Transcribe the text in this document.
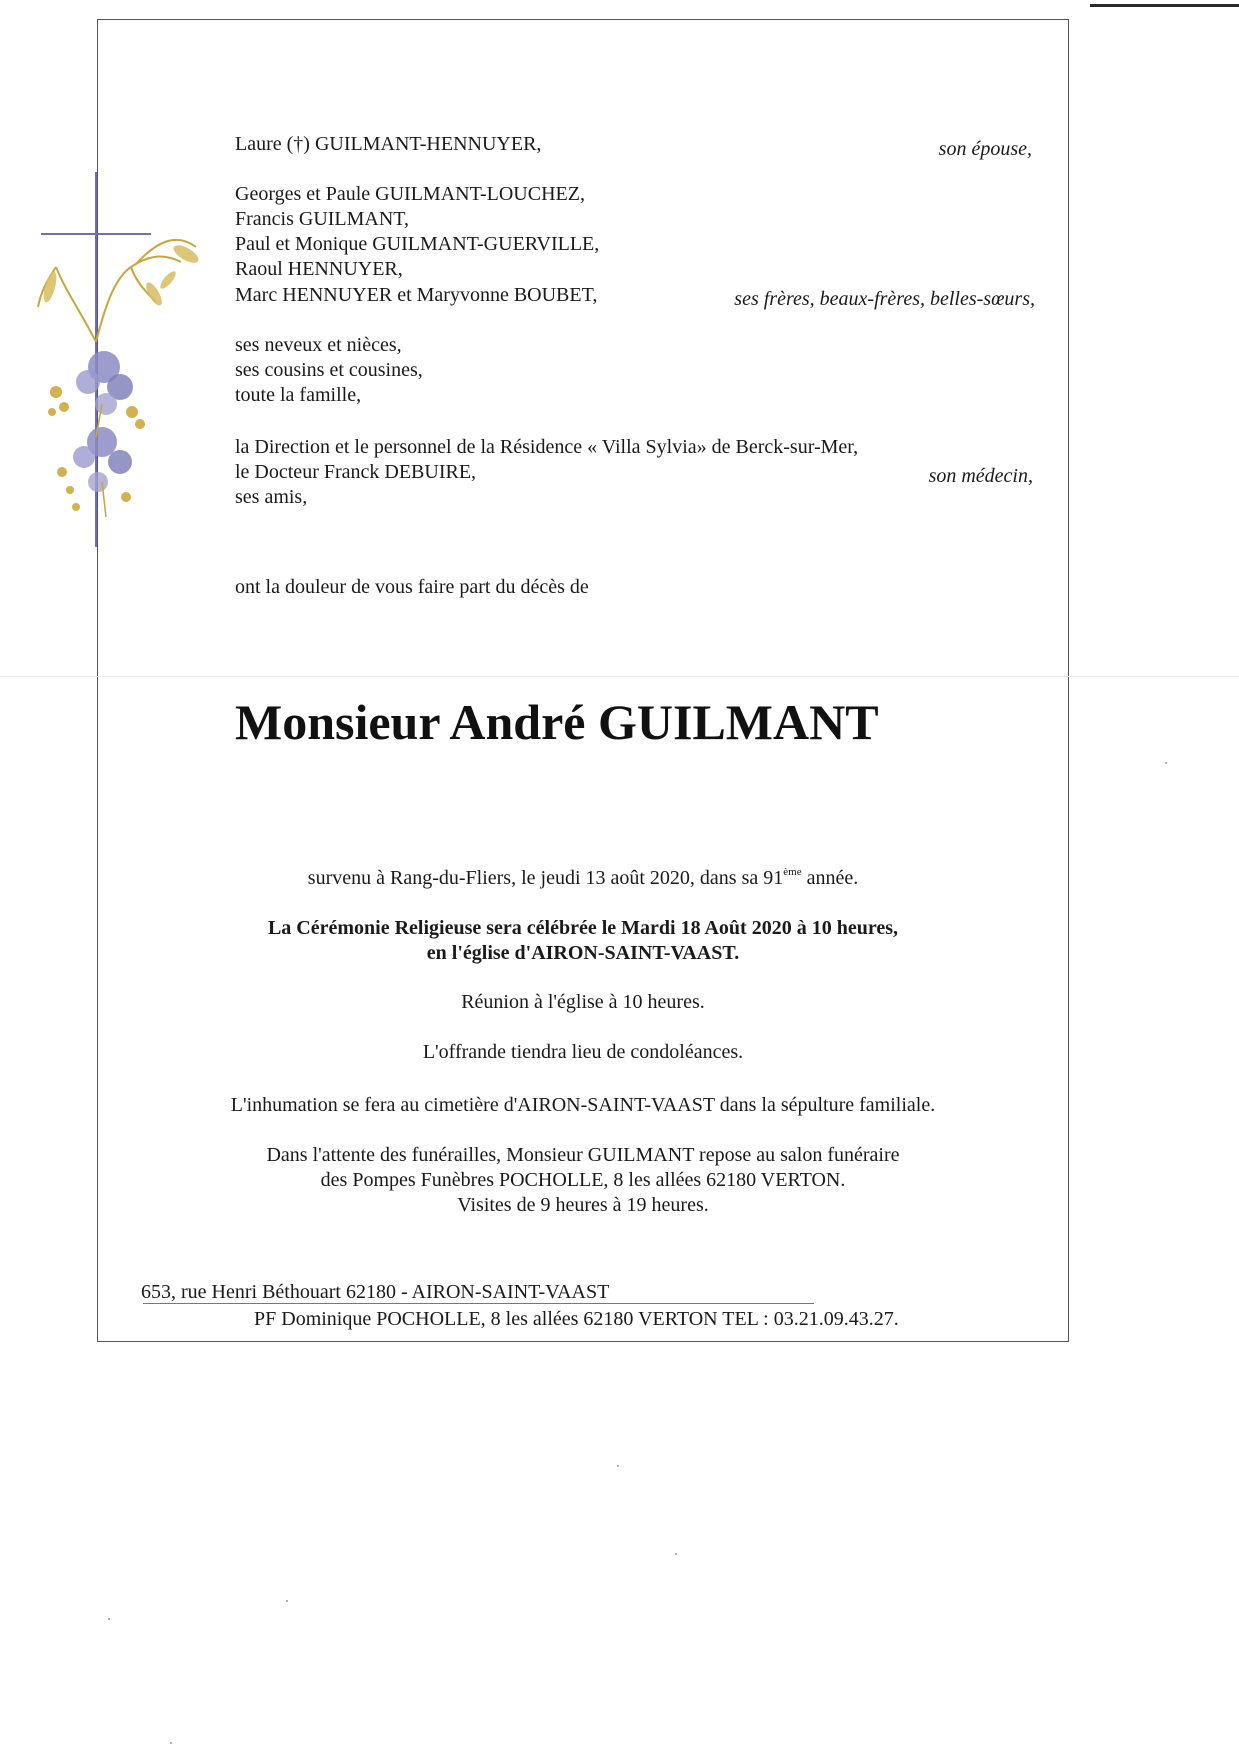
Laure (†) GUILMANT-HENNUYER,	son épouse,
Georges et Paule GUILMANT-LOUCHEZ,
Francis GUILMANT,
Paul et Monique GUILMANT-GUERVILLE,
Raoul HENNUYER,
Marc HENNUYER et Maryvonne BOUBET,	ses frères, beaux-frères, belles-sœurs,
ses neveux et nièces,
ses cousins et cousines,
toute la famille,
la Direction et le personnel de la Résidence « Villa Sylvia» de Berck-sur-Mer,
le Docteur Franck DEBUIRE,
ses amis,
son médecin,
ont la douleur de vous faire part du décès de
Monsieur André GUILMANT
survenu à Rang-du-Fliers, le jeudi 13 août 2020, dans sa 91ème année.
La Cérémonie Religieuse sera célébrée le Mardi 18 Août 2020 à 10 heures,
en l'église d'AIRON-SAINT-VAAST.
Réunion à l'église à 10 heures.
L'offrande tiendra lieu de condoléances.
L'inhumation se fera au cimetière d'AIRON-SAINT-VAAST dans la sépulture familiale.
Dans l'attente des funérailles, Monsieur GUILMANT repose au salon funéraire
des Pompes Funèbres POCHOLLE, 8 les allées 62180 VERTON.
Visites de 9 heures à 19 heures.
653, rue Henri Béthouart 62180 - AIRON-SAINT-VAAST
PF Dominique POCHOLLE, 8 les allées 62180 VERTON TEL : 03.21.09.43.27.
